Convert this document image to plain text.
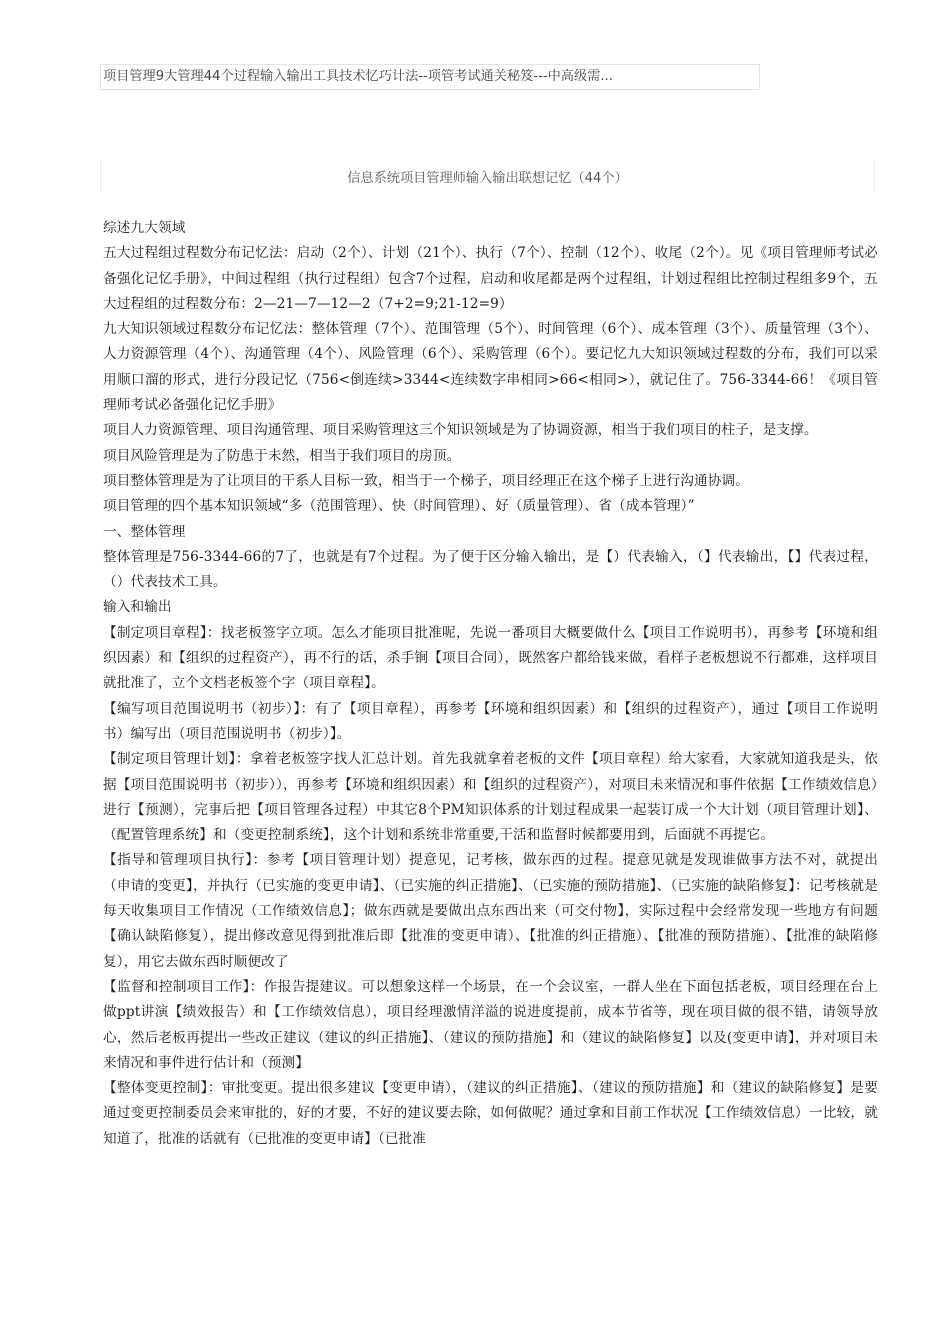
项目管理9大管理44个过程输入输出工具技术忆巧计法--项管考试通关秘笈---中高级需...
信息系统项目管理师输入输出联想记忆（44个）

综述九大领域

五大过程组过程数分布记忆法：启动（2个）、计划（21个）、执行（7个）、控制（12个）、收尾（2个）。见《项目管理师考试必备强化记忆手册》，中间过程组（执行过程组）包含7个过程，启动和收尾都是两个过程组，计划过程组比控制过程组多9个，五大过程组的过程数分布：2—21—7—12—2（7+2=9;21-12=9）

九大知识领域过程数分布记忆法：整体管理（7个）、范围管理（5个）、时间管理（6个）、成本管理（3个）、质量管理（3个）、人力资源管理（4个）、沟通管理（4个）、风险管理（6个）、采购管理（6个）。要记忆九大知识领域过程数的分布，我们可以采用顺口溜的形式，进行分段记忆（756<倒连续>3344<连续数字串相同>66<相同>），就记住了。756-3344-66！《项目管理师考试必备强化记忆手册》

项目人力资源管理、项目沟通管理、项目采购管理这三个知识领域是为了协调资源，相当于我们项目的柱子，是支撑。

项目风险管理是为了防患于未然，相当于我们项目的房顶。

项目整体管理是为了让项目的干系人目标一致，相当于一个梯子，项目经理正在这个梯子上进行沟通协调。

项目管理的四个基本知识领域“多（范围管理）、快（时间管理）、好（质量管理）、省（成本管理）”

一、整体管理

整体管理是756-3344-66的7了，也就是有7个过程。为了便于区分输入输出，是【）代表输入，（】代表输出，【】代表过程，（）代表技术工具。

输入和输出

【制定项目章程】：找老板签字立项。怎么才能项目批准呢，先说一番项目大概要做什么【项目工作说明书），再参考【环境和组织因素）和【组织的过程资产），再不行的话，杀手锏【项目合同），既然客户都给钱来做，看样子老板想说不行都难，这样项目就批准了，立个文档老板签个字（项目章程】。

【编写项目范围说明书（初步）】：有了【项目章程），再参考【环境和组织因素）和【组织的过程资产），通过【项目工作说明书）编写出（项目范围说明书（初步）】。

【制定项目管理计划】：拿着老板签字找人汇总计划。首先我就拿着老板的文件【项目章程）给大家看，大家就知道我是头，依据【项目范围说明书（初步）），再参考【环境和组织因素）和【组织的过程资产），对项目未来情况和事件依据【工作绩效信息）进行【预测），完事后把【项目管理各过程）中其它8个PM知识体系的计划过程成果一起装订成一个大计划（项目管理计划】、（配置管理系统】和（变更控制系统】，这个计划和系统非常重要,干活和监督时候都要用到，后面就不再提它。

【指导和管理项目执行】：参考【项目管理计划）提意见，记考核，做东西的过程。提意见就是发现谁做事方法不对，就提出（申请的变更】，并执行（已实施的变更申请】、（已实施的纠正措施】、（已实施的预防措施】、（已实施的缺陷修复】：记考核就是每天收集项目工作情况（工作绩效信息】；做东西就是要做出点东西出来（可交付物】，实际过程中会经常发现一些地方有问题【确认缺陷修复），提出修改意见得到批准后即【批准的变更申请）、【批准的纠正措施）、【批准的预防措施）、【批准的缺陷修复），用它去做东西时顺便改了

【监督和控制项目工作】：作报告提建议。可以想象这样一个场景，在一个会议室，一群人坐在下面包括老板，项目经理在台上做ppt讲演【绩效报告）和【工作绩效信息），项目经理激情洋溢的说进度提前，成本节省等，现在项目做的很不错，请领导放心，然后老板再提出一些改正建议（建议的纠正措施】、（建议的预防措施】和（建议的缺陷修复】以及(变更申请】，并对项目未来情况和事件进行估计和（预测】

【整体变更控制】：审批变更。提出很多建议【变更申请），（建议的纠正措施】、（建议的预防措施】和（建议的缺陷修复】是要通过变更控制委员会来审批的，好的才要，不好的建议要去除，如何做呢？通过拿和目前工作状况【工作绩效信息）一比较，就知道了，批准的话就有（已批准的变更申请】（已批准
